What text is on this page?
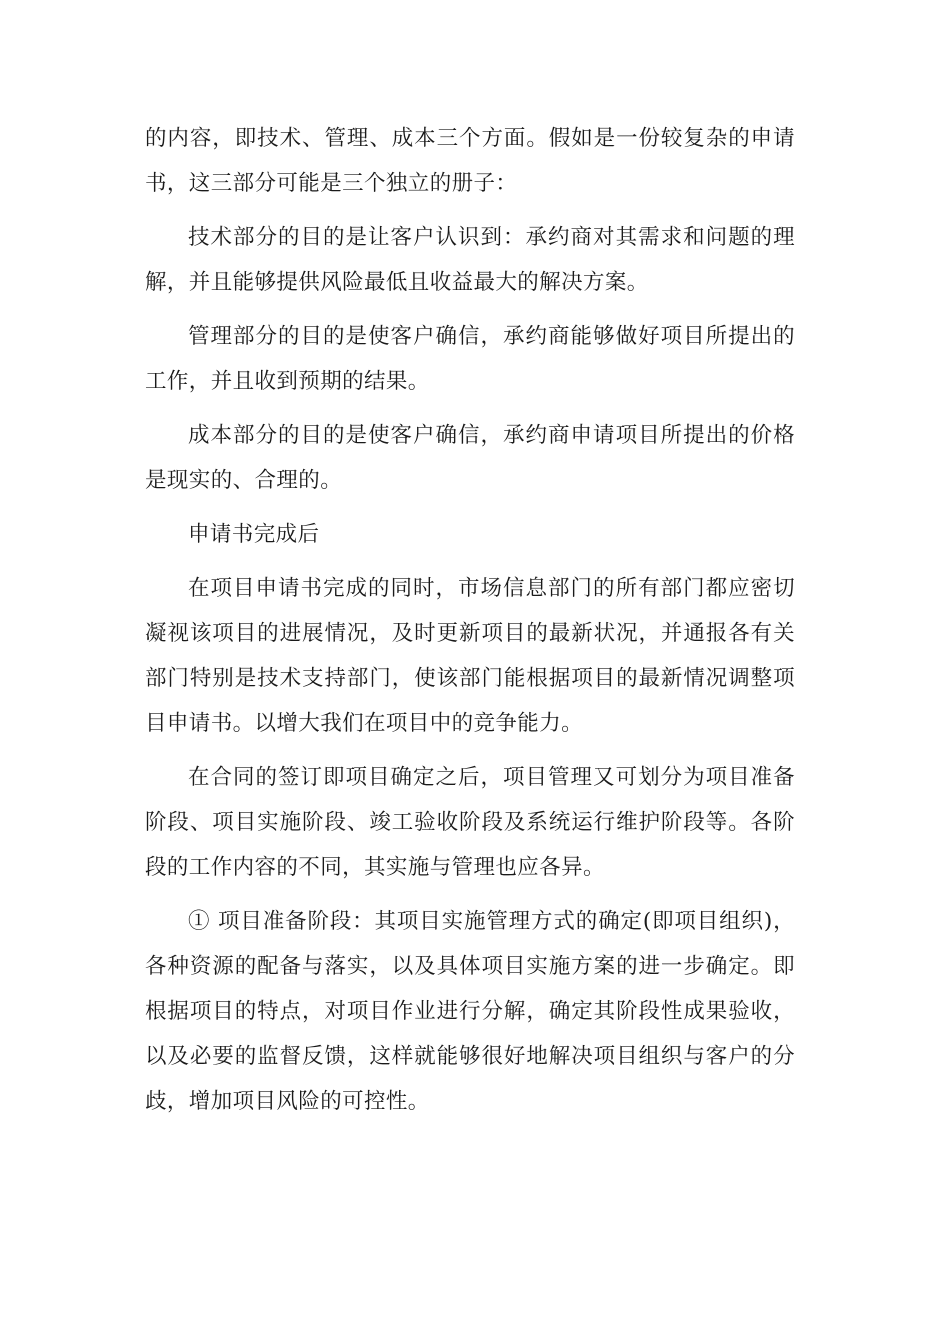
的内容，即技术、管理、成本三个方面。假如是一份较复杂的申请书，这三部分可能是三个独立的册子：

技术部分的目的是让客户认识到：承约商对其需求和问题的理解，并且能够提供风险最低且收益最大的解决方案。

管理部分的目的是使客户确信，承约商能够做好项目所提出的工作，并且收到预期的结果。

成本部分的目的是使客户确信，承约商申请项目所提出的价格是现实的、合理的。

申请书完成后

在项目申请书完成的同时，市场信息部门的所有部门都应密切凝视该项目的进展情况，及时更新项目的最新状况，并通报各有关部门特别是技术支持部门，使该部门能根据项目的最新情况调整项目申请书。以增大我们在项目中的竞争能力。

在合同的签订即项目确定之后，项目管理又可划分为项目准备阶段、项目实施阶段、竣工验收阶段及系统运行维护阶段等。各阶段的工作内容的不同，其实施与管理也应各异。

① 项目准备阶段：其项目实施管理方式的确定(即项目组织)，各种资源的配备与落实，以及具体项目实施方案的进一步确定。即根据项目的特点，对项目作业进行分解，确定其阶段性成果验收，以及必要的监督反馈，这样就能够很好地解决项目组织与客户的分歧，增加项目风险的可控性。
